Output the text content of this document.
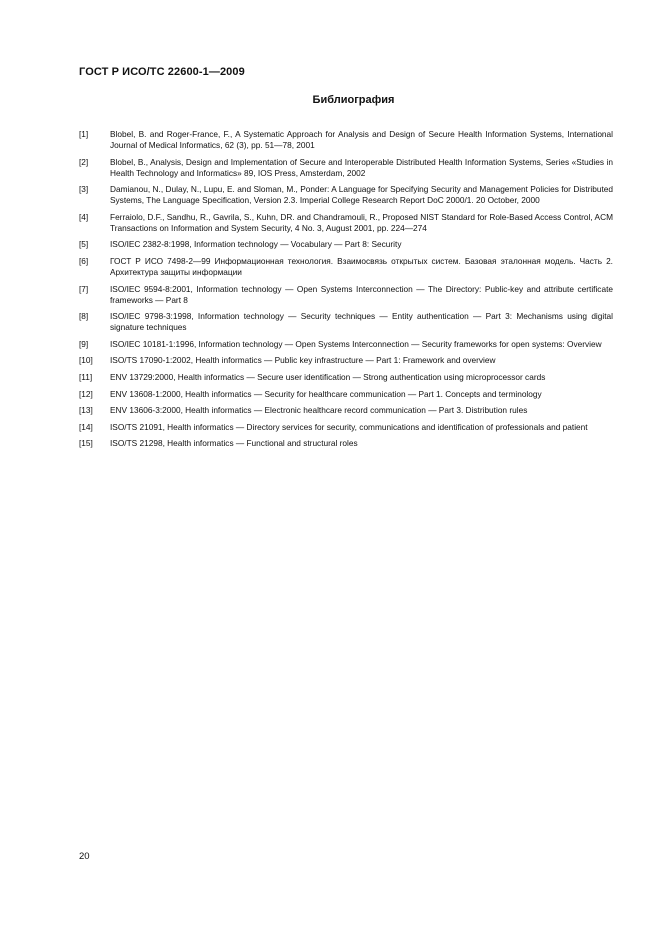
ГОСТ Р ИСО/ТС 22600-1—2009
Библиография
[1]	Blobel, B. and Roger-France, F., A Systematic Approach for Analysis and Design of Secure Health Information Systems, International Journal of Medical Informatics, 62 (3), pp. 51—78, 2001
[2]	Blobel, B., Analysis, Design and Implementation of Secure and Interoperable Distributed Health Information Systems, Series «Studies in Health Technology and Informatics» 89, IOS Press, Amsterdam, 2002
[3]	Damianou, N., Dulay, N., Lupu, E. and Sloman, M., Ponder: A Language for Specifying Security and Management Policies for Distributed Systems, The Language Specification, Version 2.3. Imperial College Research Report DoC 2000/1. 20 October, 2000
[4]	Ferraiolo, D.F., Sandhu, R., Gavrila, S., Kuhn, DR. and Chandramouli, R., Proposed NIST Standard for Role-Based Access Control, ACM Transactions on Information and System Security, 4 No. 3, August 2001, pp. 224—274
[5]	ISO/IEC 2382-8:1998, Information technology — Vocabulary — Part 8: Security
[6]	ГОСТ Р ИСО 7498-2—99 Информационная технология. Взаимосвязь открытых систем. Базовая эталонная модель. Часть 2. Архитектура защиты информации
[7]	ISO/IEC 9594-8:2001, Information technology — Open Systems Interconnection — The Directory: Public-key and attribute certificate frameworks — Part 8
[8]	ISO/IEC 9798-3:1998, Information technology — Security techniques — Entity authentication — Part 3: Mechanisms using digital signature techniques
[9]	ISO/IEC 10181-1:1996, Information technology — Open Systems Interconnection — Security frameworks for open systems: Overview
[10]	ISO/TS 17090-1:2002, Health informatics — Public key infrastructure — Part 1: Framework and overview
[11]	ENV 13729:2000, Health informatics — Secure user identification — Strong authentication using microprocessor cards
[12]	ENV 13608-1:2000, Health informatics — Security for healthcare communication — Part 1. Concepts and terminology
[13]	ENV 13606-3:2000, Health informatics — Electronic healthcare record communication — Part 3. Distribution rules
[14]	ISO/TS 21091, Health informatics — Directory services for security, communications and identification of professionals and patient
[15]	ISO/TS 21298, Health informatics — Functional and structural roles
20
